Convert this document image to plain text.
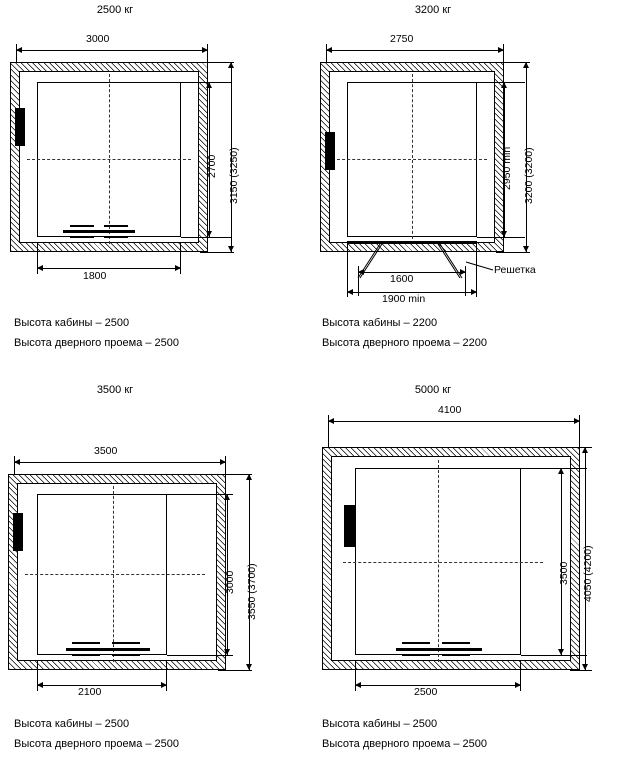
2500 кг
3000
2700 3150 (3250)
1800
Высота кабины – 2500
Высота дверного проема – 2500
3200 кг
2750
Решетка
2950 min 3200 (3200)
1600
1900 min
Высота кабины – 2200
Высота дверного проема – 2200
3500 кг
3500
3000 3550 (3700)
2100
Высота кабины – 2500
Высота дверного проема – 2500
5000 кг
4100
3500 4050 (4200)
2500
Высота кабины – 2500
Высота дверного проема – 2500
